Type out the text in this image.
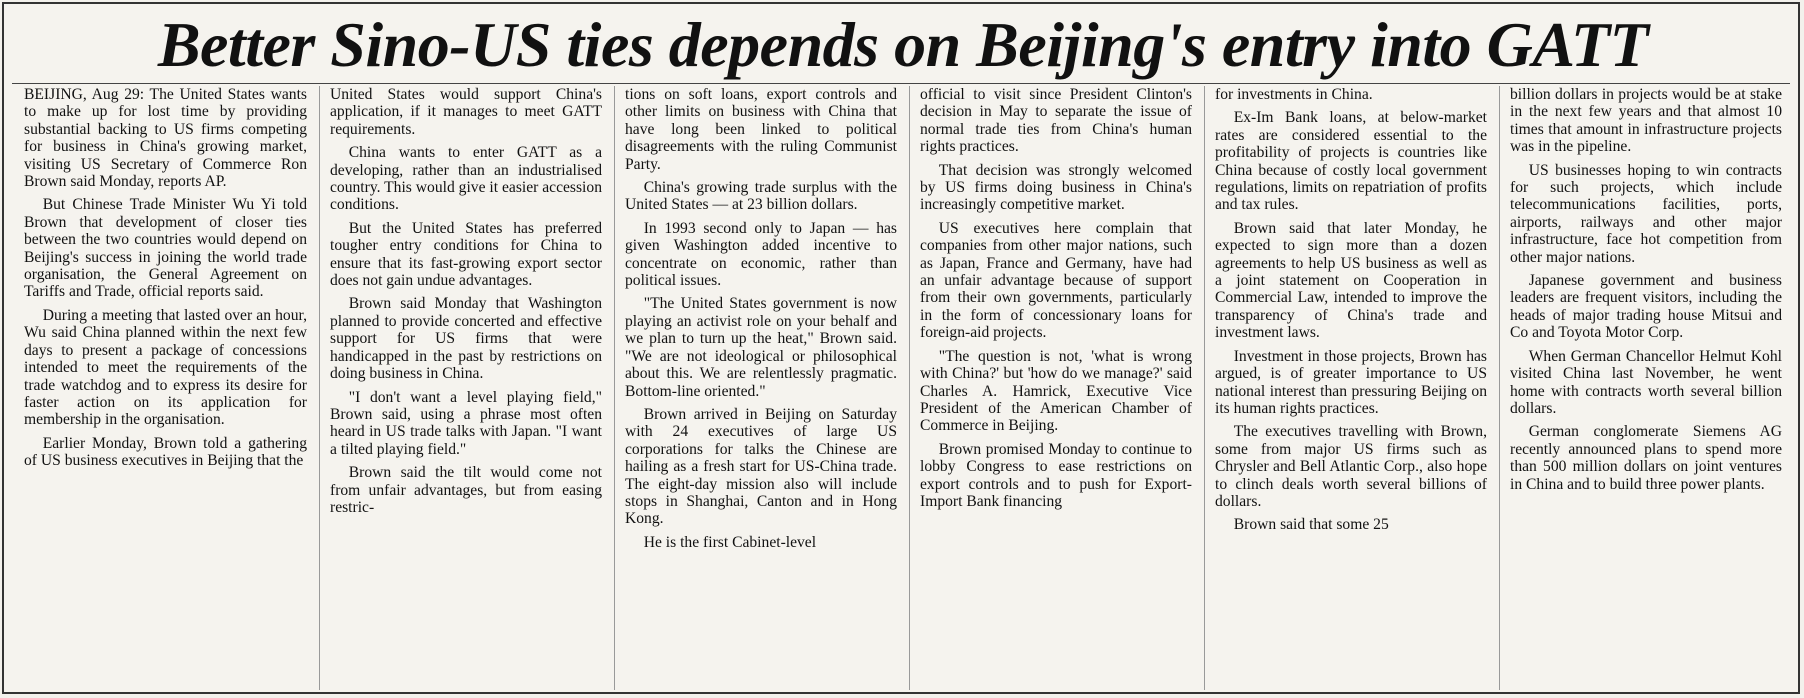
Better Sino-US ties depends on Beijing's entry into GATT

BEIJING, Aug 29: The United States wants to make up for lost time by providing substantial backing to US firms competing for business in China's growing market, visiting US Secretary of Commerce Ron Brown said Monday, reports AP.

But Chinese Trade Minister Wu Yi told Brown that development of closer ties between the two countries would depend on Beijing's success in joining the world trade organisation, the General Agreement on Tariffs and Trade, official reports said.

During a meeting that lasted over an hour, Wu said China planned within the next few days to present a package of concessions intended to meet the requirements of the trade watchdog and to express its desire for faster action on its application for membership in the organisation.

Earlier Monday, Brown told a gathering of US business executives in Beijing that the

United States would support China's application, if it manages to meet GATT requirements.

China wants to enter GATT as a developing, rather than an industrialised country. This would give it easier accession conditions.

But the United States has preferred tougher entry conditions for China to ensure that its fast-growing export sector does not gain undue advantages.

Brown said Monday that Washington planned to provide concerted and effective support for US firms that were handicapped in the past by restrictions on doing business in China.

"I don't want a level playing field," Brown said, using a phrase most often heard in US trade talks with Japan. "I want a tilted playing field."

Brown said the tilt would come not from unfair advantages, but from easing restric-

tions on soft loans, export controls and other limits on business with China that have long been linked to political disagreements with the ruling Communist Party.

China's growing trade surplus with the United States — at 23 billion dollars.

In 1993 second only to Japan — has given Washington added incentive to concentrate on economic, rather than political issues.

"The United States government is now playing an activist role on your behalf and we plan to turn up the heat," Brown said. "We are not ideological or philosophical about this. We are relentlessly pragmatic. Bottom-line oriented."

Brown arrived in Beijing on Saturday with 24 executives of large US corporations for talks the Chinese are hailing as a fresh start for US-China trade. The eight-day mission also will include stops in Shanghai, Canton and in Hong Kong.

He is the first Cabinet-level

official to visit since President Clinton's decision in May to separate the issue of normal trade ties from China's human rights practices.

That decision was strongly welcomed by US firms doing business in China's increasingly competitive market.

US executives here complain that companies from other major nations, such as Japan, France and Germany, have had an unfair advantage because of support from their own governments, particularly in the form of concessionary loans for foreign-aid projects.

"The question is not, 'what is wrong with China?' but 'how do we manage?' said Charles A. Hamrick, Executive Vice President of the American Chamber of Commerce in Beijing.

Brown promised Monday to continue to lobby Congress to ease restrictions on export controls and to push for Export-Import Bank financing

for investments in China.

Ex-Im Bank loans, at below-market rates are considered essential to the profitability of projects is countries like China because of costly local government regulations, limits on repatriation of profits and tax rules.

Brown said that later Monday, he expected to sign more than a dozen agreements to help US business as well as a joint statement on Cooperation in Commercial Law, intended to improve the transparency of China's trade and investment laws.

Investment in those projects, Brown has argued, is of greater importance to US national interest than pressuring Beijing on its human rights practices.

The executives travelling with Brown, some from major US firms such as Chrysler and Bell Atlantic Corp., also hope to clinch deals worth several billions of dollars.

Brown said that some 25

billion dollars in projects would be at stake in the next few years and that almost 10 times that amount in infrastructure projects was in the pipeline.

US businesses hoping to win contracts for such projects, which include telecommunications facilities, ports, airports, railways and other major infrastructure, face hot competition from other major nations.

Japanese government and business leaders are frequent visitors, including the heads of major trading house Mitsui and Co and Toyota Motor Corp.

When German Chancellor Helmut Kohl visited China last November, he went home with contracts worth several billion dollars.

German conglomerate Siemens AG recently announced plans to spend more than 500 million dollars on joint ventures in China and to build three power plants.
